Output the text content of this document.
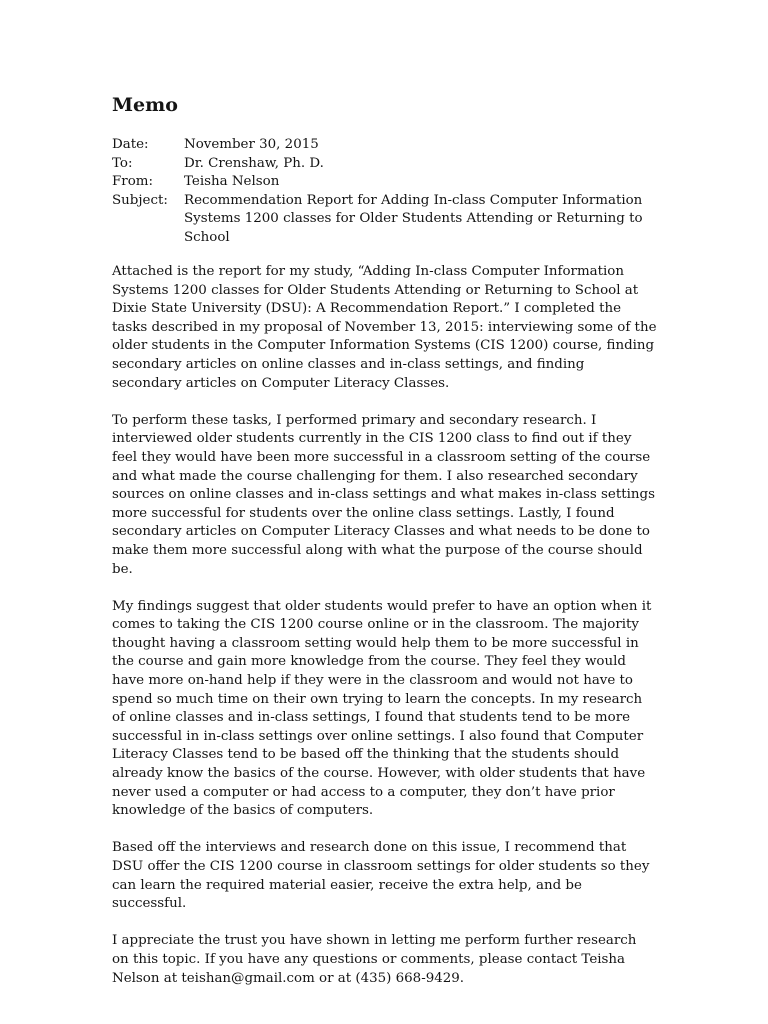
Memo
Date:	November 30, 2015
To:	Dr. Crenshaw, Ph. D.
From:	Teisha Nelson
Subject:	Recommendation Report for Adding In-class Computer Information Systems 1200 classes for Older Students Attending or Returning to School

Attached is the report for my study, “Adding In-class Computer Information Systems 1200 classes for Older Students Attending or Returning to School at Dixie State University (DSU): A Recommendation Report.” I completed the tasks described in my proposal of November 13, 2015: interviewing some of the older students in the Computer Information Systems (CIS 1200) course, finding secondary articles on online classes and in-class settings, and finding secondary articles on Computer Literacy Classes.

To perform these tasks, I performed primary and secondary research. I interviewed older students currently in the CIS 1200 class to find out if they feel they would have been more successful in a classroom setting of the course and what made the course challenging for them. I also researched secondary sources on online classes and in-class settings and what makes in-class settings more successful for students over the online class settings. Lastly, I found secondary articles on Computer Literacy Classes and what needs to be done to make them more successful along with what the purpose of the course should be.

My findings suggest that older students would prefer to have an option when it comes to taking the CIS 1200 course online or in the classroom. The majority thought having a classroom setting would help them to be more successful in the course and gain more knowledge from the course. They feel they would have more on-hand help if they were in the classroom and would not have to spend so much time on their own trying to learn the concepts. In my research of online classes and in-class settings, I found that students tend to be more successful in in-class settings over online settings. I also found that Computer Literacy Classes tend to be based off the thinking that the students should already know the basics of the course. However, with older students that have never used a computer or had access to a computer, they don’t have prior knowledge of the basics of computers.

Based off the interviews and research done on this issue, I recommend that DSU offer the CIS 1200 course in classroom settings for older students so they can learn the required material easier, receive the extra help, and be successful.

I appreciate the trust you have shown in letting me perform further research on this topic. If you have any questions or comments, please contact Teisha Nelson at teishan@gmail.com or at (435) 668-9429.
